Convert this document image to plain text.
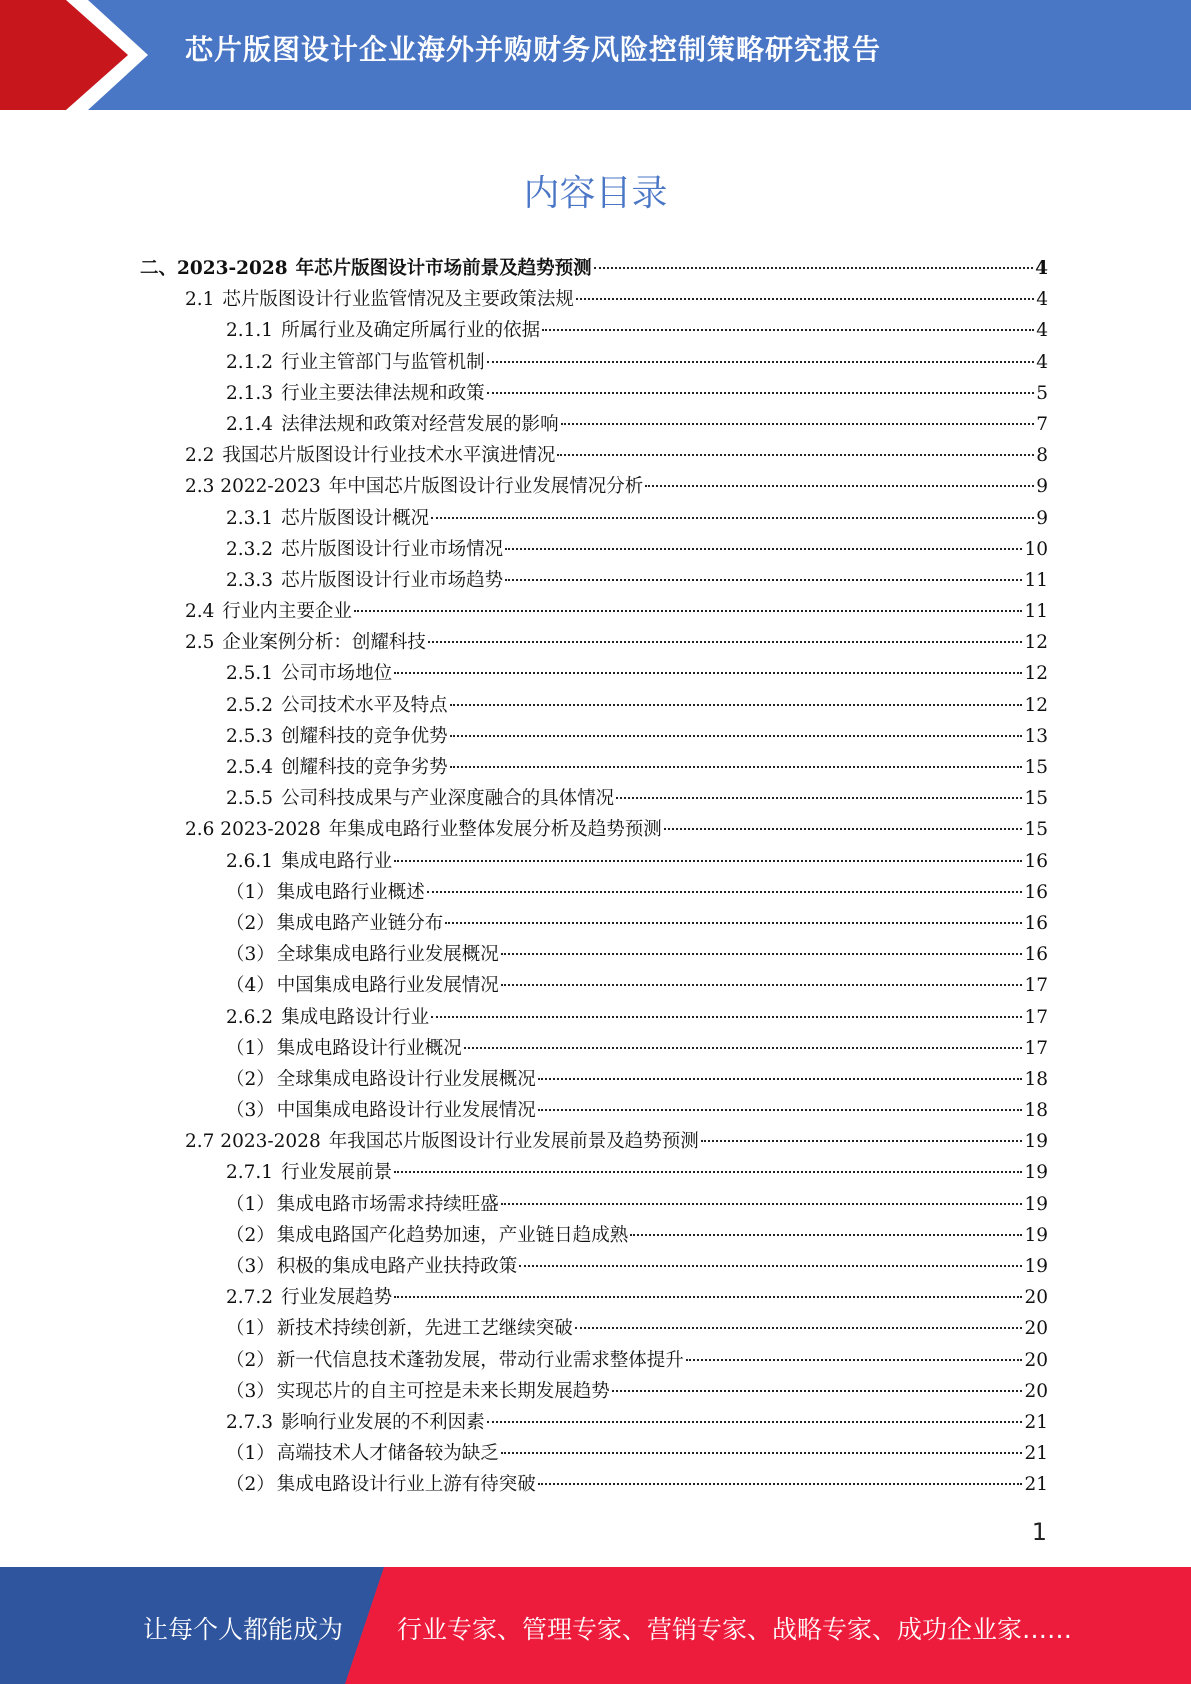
芯片版图设计企业海外并购财务风险控制策略研究报告
内容目录
二、2023-2028 年芯片版图设计市场前景及趋势预测	4
2.1 芯片版图设计行业监管情况及主要政策法规	4
2.1.1 所属行业及确定所属行业的依据	4
2.1.2 行业主管部门与监管机制	4
2.1.3 行业主要法律法规和政策	5
2.1.4 法律法规和政策对经营发展的影响	7
2.2 我国芯片版图设计行业技术水平演进情况	8
2.3 2022-2023 年中国芯片版图设计行业发展情况分析	9
2.3.1 芯片版图设计概况	9
2.3.2 芯片版图设计行业市场情况	10
2.3.3 芯片版图设计行业市场趋势	11
2.4 行业内主要企业	11
2.5 企业案例分析：创耀科技	12
2.5.1 公司市场地位	12
2.5.2 公司技术水平及特点	12
2.5.3 创耀科技的竞争优势	13
2.5.4 创耀科技的竞争劣势	15
2.5.5 公司科技成果与产业深度融合的具体情况	15
2.6 2023-2028 年集成电路行业整体发展分析及趋势预测	15
2.6.1 集成电路行业	16
（1） 集成电路行业概述	16
（2） 集成电路产业链分布	16
（3） 全球集成电路行业发展概况	16
（4） 中国集成电路行业发展情况	17
2.6.2 集成电路设计行业	17
（1） 集成电路设计行业概况	17
（2） 全球集成电路设计行业发展概况	18
（3） 中国集成电路设计行业发展情况	18
2.7 2023-2028 年我国芯片版图设计行业发展前景及趋势预测	19
2.7.1 行业发展前景	19
（1） 集成电路市场需求持续旺盛	19
（2） 集成电路国产化趋势加速，产业链日趋成熟	19
（3） 积极的集成电路产业扶持政策	19
2.7.2 行业发展趋势	20
（1） 新技术持续创新，先进工艺继续突破	20
（2） 新一代信息技术蓬勃发展，带动行业需求整体提升	20
（3） 实现芯片的自主可控是未来长期发展趋势	20
2.7.3 影响行业发展的不利因素	21
（1） 高端技术人才储备较为缺乏	21
（2） 集成电路设计行业上游有待突破	21
1
让每个人都能成为 行业专家、管理专家、营销专家、战略专家、成功企业家……
